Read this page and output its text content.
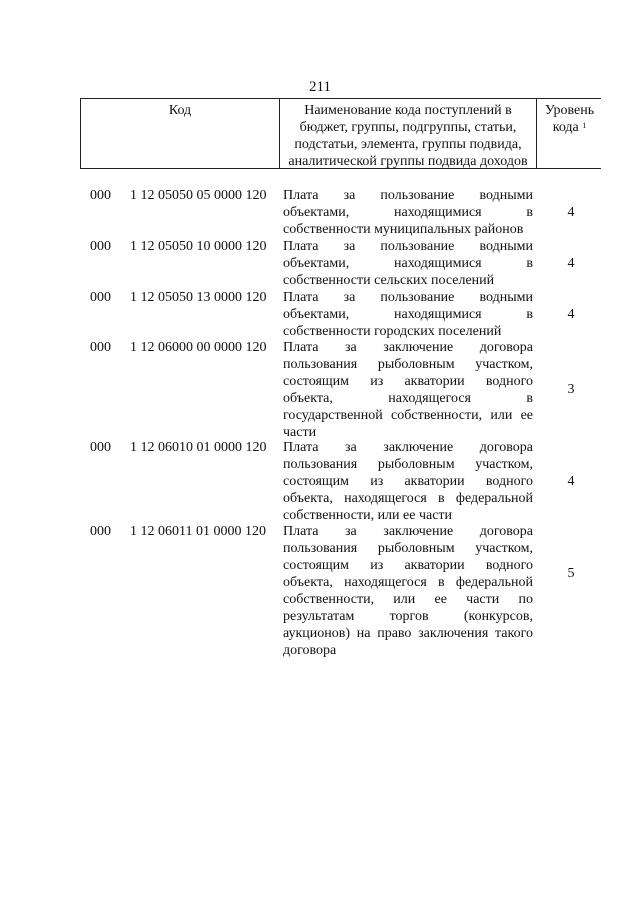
211
Код	Наименование кода поступлений в
бюджет, группы, подгруппы, статьи,
подстатьи, элемента, группы подвида,
аналитической группы подвида доходов
Уровень
кода $^1$
000 1 12 05050 05 0000 120 Плата за пользование водными
объектами, находящимися в
собственности муниципальных районов
4
000 1 12 05050 10 0000 120 Плата за пользование водными
объектами, находящимися в
собственности сельских поселений
4
000 1 12 05050 13 0000 120 Плата за пользование водными
объектами, находящимися в
собственности городских поселений
4
000 1 12 06000 00 0000 120 Плата за заключение договора
пользования рыболовным участком,
состоящим из акватории водного
объекта, находящегося в
государственной собственности, или ее
части
3
000 1 12 06010 01 0000 120 Плата за заключение договора
пользования рыболовным участком,
состоящим из акватории водного
объекта, находящегося в федеральной
собственности, или ее части
4
000 1 12 06011 01 0000 120 Плата за заключение договора
пользования рыболовным участком,
состоящим из акватории водного
объекта, находящегося в федеральной
собственности, или ее части по
результатам торгов (конкурсов,
аукционов) на право заключения такого
договора
5
